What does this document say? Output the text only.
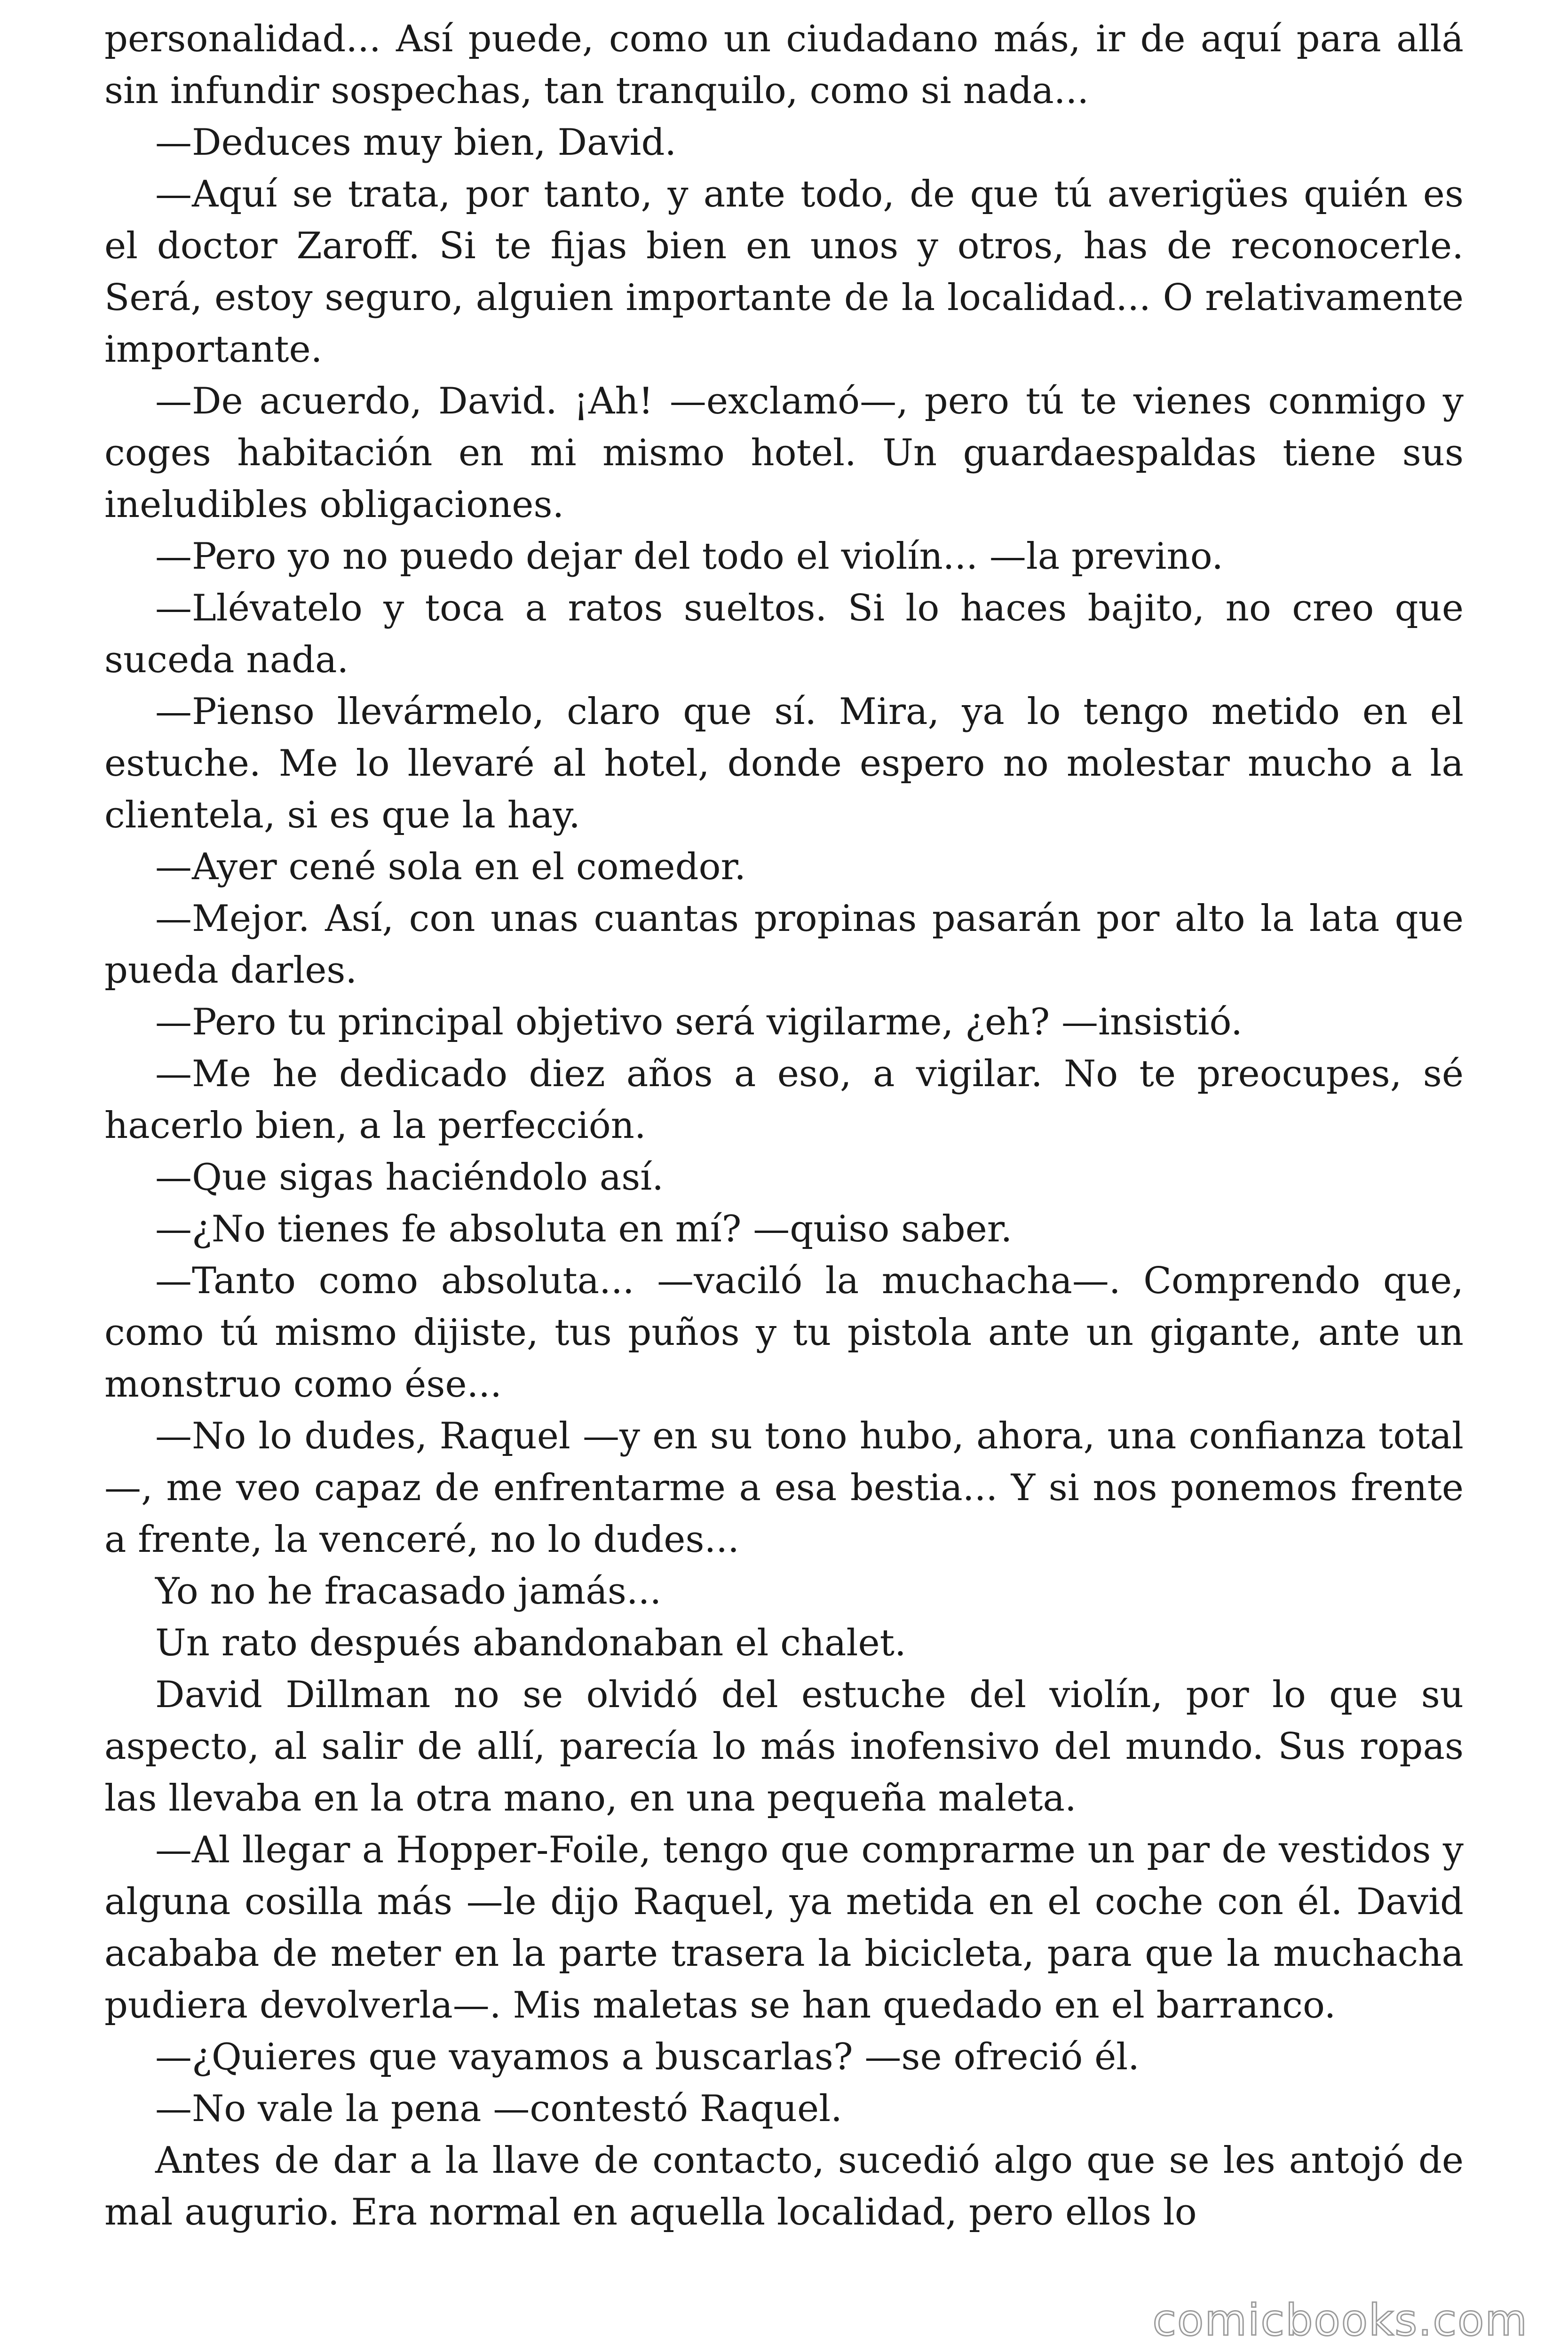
personalidad... Así puede, como un ciudadano más, ir de aquí para allá sin infundir sospechas, tan tranquilo, como si nada...

—Deduces muy bien, David.

—Aquí se trata, por tanto, y ante todo, de que tú averigües quién es el doctor Zaroff. Si te fijas bien en unos y otros, has de reconocerle. Será, estoy seguro, alguien importante de la localidad... O relativamente importante.

—De acuerdo, David. ¡Ah! —exclamó—, pero tú te vienes conmigo y coges habitación en mi mismo hotel. Un guardaespaldas tiene sus ineludibles obligaciones.

—Pero yo no puedo dejar del todo el violín... —la previno.

—Llévatelo y toca a ratos sueltos. Si lo haces bajito, no creo que suceda nada.

—Pienso llevármelo, claro que sí. Mira, ya lo tengo metido en el estuche. Me lo llevaré al hotel, donde espero no molestar mucho a la clientela, si es que la hay.

—Ayer cené sola en el comedor.

—Mejor. Así, con unas cuantas propinas pasarán por alto la lata que pueda darles.

—Pero tu principal objetivo será vigilarme, ¿eh? —insistió.

—Me he dedicado diez años a eso, a vigilar. No te preocupes, sé hacerlo bien, a la perfección.

—Que sigas haciéndolo así.

—¿No tienes fe absoluta en mí? —quiso saber.

—Tanto como absoluta... —vaciló la muchacha—. Comprendo que, como tú mismo dijiste, tus puños y tu pistola ante un gigante, ante un monstruo como ése...

—No lo dudes, Raquel —y en su tono hubo, ahora, una confianza total—, me veo capaz de enfrentarme a esa bestia... Y si nos ponemos frente a frente, la venceré, no lo dudes...

Yo no he fracasado jamás...

Un rato después abandonaban el chalet.

David Dillman no se olvidó del estuche del violín, por lo que su aspecto, al salir de allí, parecía lo más inofensivo del mundo. Sus ropas las llevaba en la otra mano, en una pequeña maleta.

—Al llegar a Hopper-Foile, tengo que comprarme un par de vestidos y alguna cosilla más —le dijo Raquel, ya metida en el coche con él. David acababa de meter en la parte trasera la bicicleta, para que la muchacha pudiera devolverla—. Mis maletas se han quedado en el barranco.

—¿Quieres que vayamos a buscarlas? —se ofreció él.

—No vale la pena —contestó Raquel.

Antes de dar a la llave de contacto, sucedió algo que se les antojó de mal augurio. Era normal en aquella localidad, pero ellos lo

comicbooks.com
